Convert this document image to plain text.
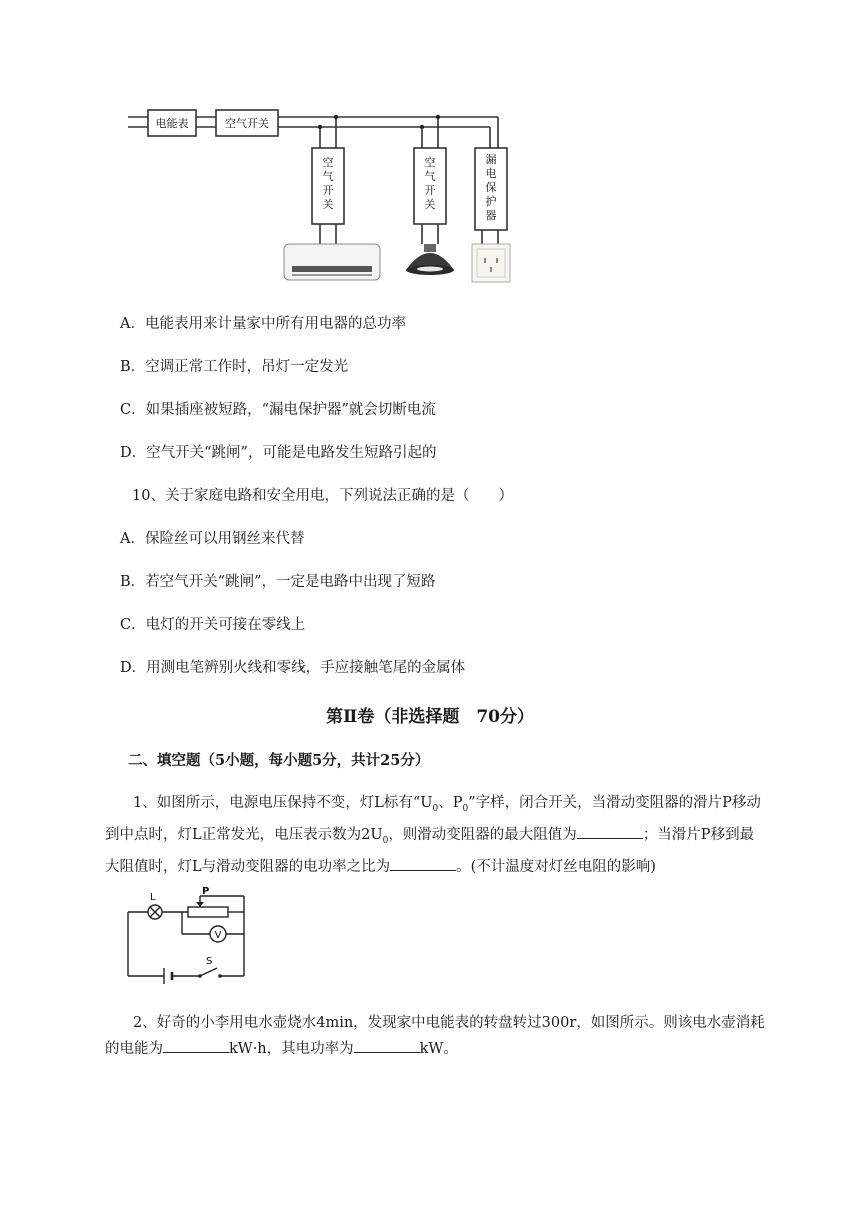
电能表	空气开关
空气开关
空气开关
漏电保护器
A．电能表用来计量家中所有用电器的总功率
B．空调正常工作时，吊灯一定发光
C．如果插座被短路，“漏电保护器”就会切断电流
D．空气开关“跳闸”，可能是电路发生短路引起的
10、关于家庭电路和安全用电，下列说法正确的是（　　）
A．保险丝可以用钢丝来代替
B．若空气开关“跳闸”，一定是电路中出现了短路
C．电灯的开关可接在零线上
D．用测电笔辨别火线和零线，手应接触笔尾的金属体
第Ⅱ卷（非选择题　70分）
二、填空题（5小题，每小题5分，共计25分）
1、如图所示，电源电压保持不变，灯L标有“$U_0$、$P_0$”字样，闭合开关，当滑动变阻器的滑片P移动到中点时，灯L正常发光，电压表示数为$2U_0$，则滑动变阻器的最大阻值为	；当滑片P移到最大阻值时，灯L与滑动变阻器的电功率之比为	。(不计温度对灯丝电阻的影响)
L
P
V
S
2、好奇的小李用电水壶烧水4min，发现家中电能表的转盘转过300r，如图所示。则该电水壶消耗的电能为	kW·h，其电功率为	kW。
